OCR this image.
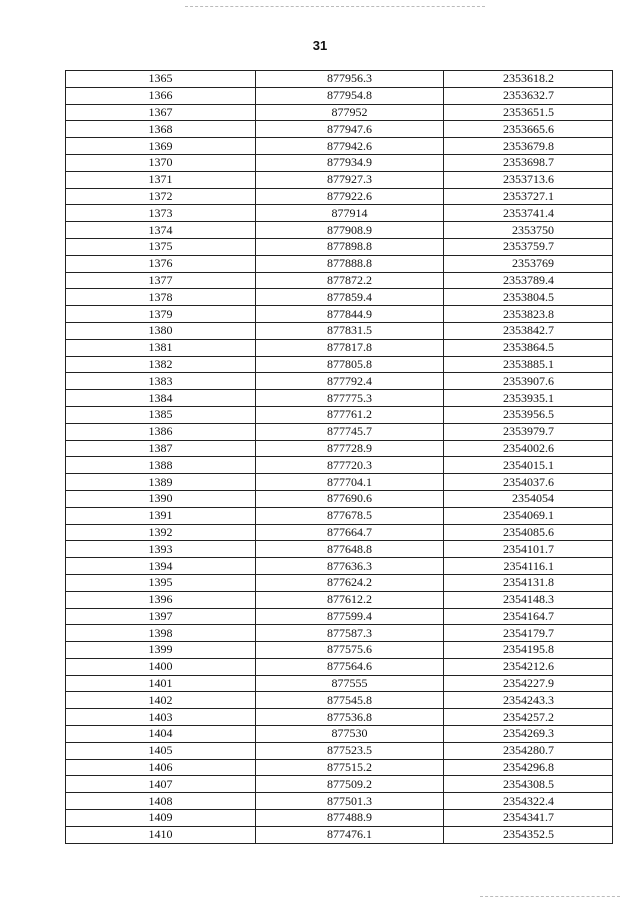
31
1365	877956.3	2353618.2
1366	877954.8	2353632.7
1367	877952	2353651.5
1368	877947.6	2353665.6
1369	877942.6	2353679.8
1370	877934.9	2353698.7
1371	877927.3	2353713.6
1372	877922.6	2353727.1
1373	877914	2353741.4
1374	877908.9	2353750
1375	877898.8	2353759.7
1376	877888.8	2353769
1377	877872.2	2353789.4
1378	877859.4	2353804.5
1379	877844.9	2353823.8
1380	877831.5	2353842.7
1381	877817.8	2353864.5
1382	877805.8	2353885.1
1383	877792.4	2353907.6
1384	877775.3	2353935.1
1385	877761.2	2353956.5
1386	877745.7	2353979.7
1387	877728.9	2354002.6
1388	877720.3	2354015.1
1389	877704.1	2354037.6
1390	877690.6	2354054
1391	877678.5	2354069.1
1392	877664.7	2354085.6
1393	877648.8	2354101.7
1394	877636.3	2354116.1
1395	877624.2	2354131.8
1396	877612.2	2354148.3
1397	877599.4	2354164.7
1398	877587.3	2354179.7
1399	877575.6	2354195.8
1400	877564.6	2354212.6
1401	877555	2354227.9
1402	877545.8	2354243.3
1403	877536.8	2354257.2
1404	877530	2354269.3
1405	877523.5	2354280.7
1406	877515.2	2354296.8
1407	877509.2	2354308.5
1408	877501.3	2354322.4
1409	877488.9	2354341.7
1410	877476.1	2354352.5
